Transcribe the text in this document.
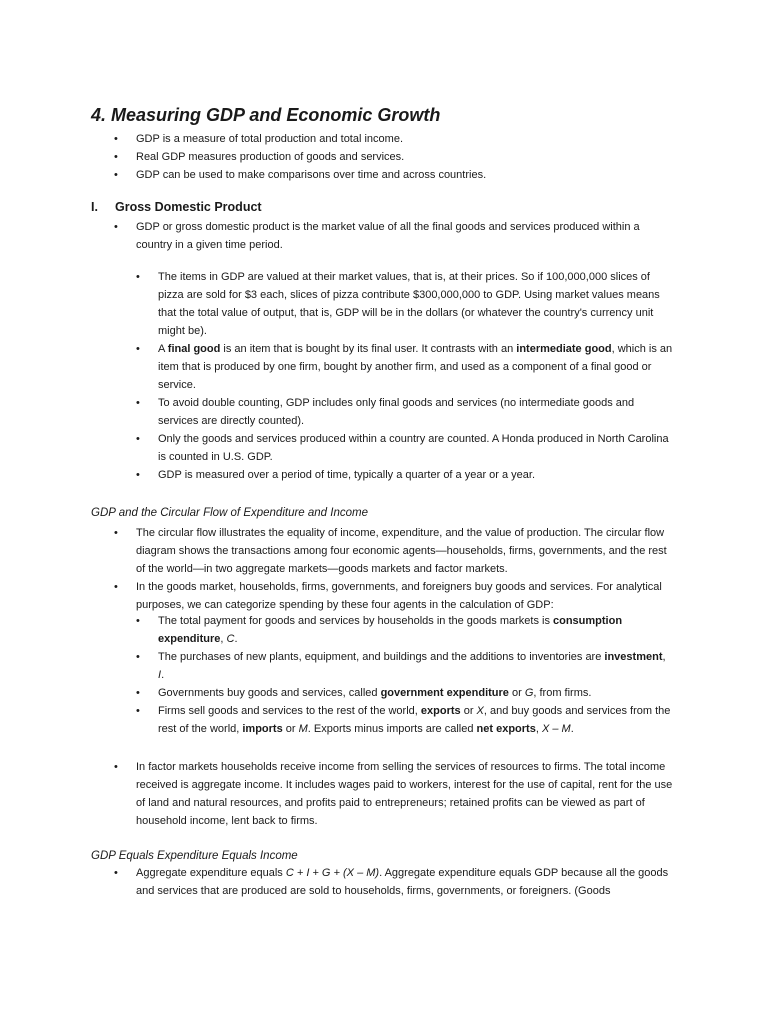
4. Measuring GDP and Economic Growth
• GDP is a measure of total production and total income.
• Real GDP measures production of goods and services.
• GDP can be used to make comparisons over time and across countries.
I. Gross Domestic Product
• GDP or gross domestic product is the market value of all the final goods and services produced within a country in a given time period.
• The items in GDP are valued at their market values, that is, at their prices. So if 100,000,000 slices of pizza are sold for $3 each, slices of pizza contribute $300,000,000 to GDP. Using market values means that the total value of output, that is, GDP will be in the dollars (or whatever the country's currency unit might be).
• A final good is an item that is bought by its final user. It contrasts with an intermediate good, which is an item that is produced by one firm, bought by another firm, and used as a component of a final good or service.
• To avoid double counting, GDP includes only final goods and services (no intermediate goods and services are directly counted).
• Only the goods and services produced within a country are counted. A Honda produced in North Carolina is counted in U.S. GDP.
• GDP is measured over a period of time, typically a quarter of a year or a year.
GDP and the Circular Flow of Expenditure and Income
• The circular flow illustrates the equality of income, expenditure, and the value of production. The circular flow diagram shows the transactions among four economic agents—households, firms, governments, and the rest of the world—in two aggregate markets—goods markets and factor markets.
• In the goods market, households, firms, governments, and foreigners buy goods and services. For analytical purposes, we can categorize spending by these four agents in the calculation of GDP:
• The total payment for goods and services by households in the goods markets is consumption expenditure, C.
• The purchases of new plants, equipment, and buildings and the additions to inventories are investment, I.
• Governments buy goods and services, called government expenditure or G, from firms.
• Firms sell goods and services to the rest of the world, exports or X, and buy goods and services from the rest of the world, imports or M. Exports minus imports are called net exports, X – M.
• In factor markets households receive income from selling the services of resources to firms. The total income received is aggregate income. It includes wages paid to workers, interest for the use of capital, rent for the use of land and natural resources, and profits paid to entrepreneurs; retained profits can be viewed as part of household income, lent back to firms.
GDP Equals Expenditure Equals Income
• Aggregate expenditure equals C + I + G + (X – M). Aggregate expenditure equals GDP because all the goods and services that are produced are sold to households, firms, governments, or foreigners. (Goods
